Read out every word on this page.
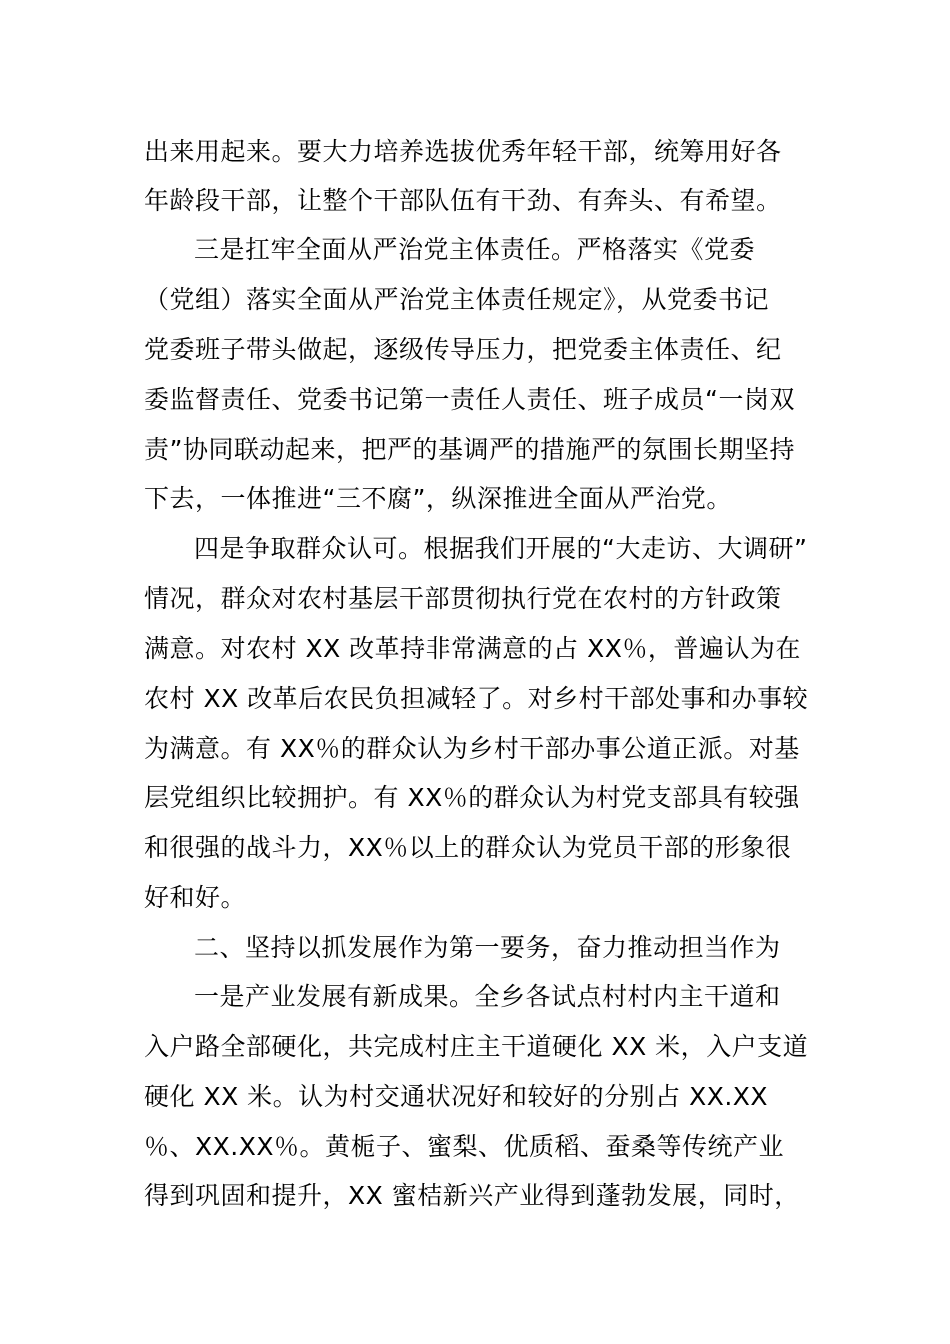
出来用起来。要大力培养选拔优秀年轻干部，统筹用好各
年龄段干部，让整个干部队伍有干劲、有奔头、有希望。
三是扛牢全面从严治党主体责任。严格落实《党委
（党组）落实全面从严治党主体责任规定》，从党委书记
党委班子带头做起，逐级传导压力，把党委主体责任、纪
委监督责任、党委书记第一责任人责任、班子成员“一岗双
责”协同联动起来，把严的基调严的措施严的氛围长期坚持
下去，一体推进“三不腐”，纵深推进全面从严治党。
四是争取群众认可。根据我们开展的“大走访、大调研”
情况，群众对农村基层干部贯彻执行党在农村的方针政策
满意。对农村 XX 改革持非常满意的占 XX％，普遍认为在
农村 XX 改革后农民负担减轻了。对乡村干部处事和办事较
为满意。有 XX％的群众认为乡村干部办事公道正派。对基
层党组织比较拥护。有 XX％的群众认为村党支部具有较强
和很强的战斗力，XX％以上的群众认为党员干部的形象很
好和好。
二、坚持以抓发展作为第一要务，奋力推动担当作为
一是产业发展有新成果。全乡各试点村村内主干道和
入户路全部硬化，共完成村庄主干道硬化 XX 米，入户支道
硬化 XX 米。认为村交通状况好和较好的分别占 XX.XX
％、XX.XX％。黄栀子、蜜梨、优质稻、蚕桑等传统产业
得到巩固和提升，XX 蜜桔新兴产业得到蓬勃发展，同时，
